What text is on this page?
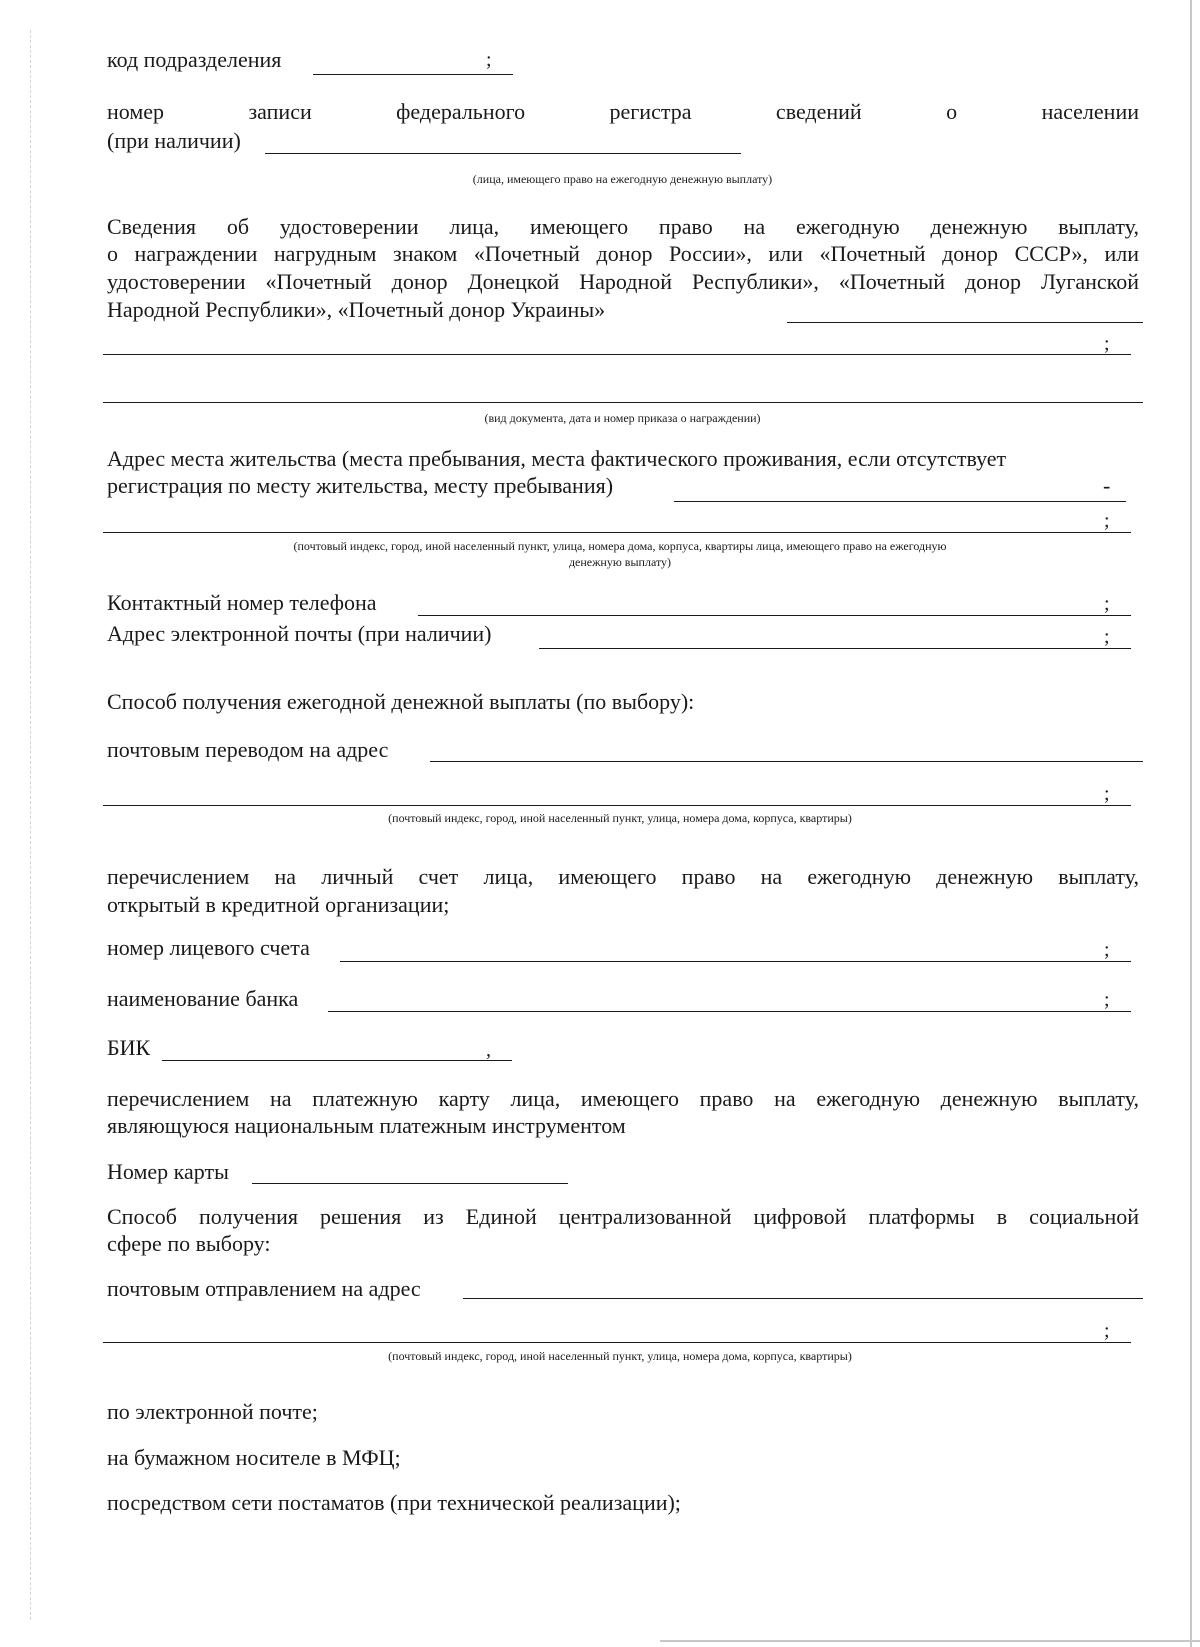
код подразделения	;
номер записи федерального регистра сведений о населении
(при наличии)
(лица, имеющего право на ежегодную денежную выплату)
Сведения об удостоверении лица, имеющего право на ежегодную денежную выплату,
о награждении нагрудным знаком «Почетный донор России», или «Почетный донор СССР», или
удостоверении «Почетный донор Донецкой Народной Республики», «Почетный донор Луганской
Народной Республики», «Почетный донор Украины»
;
(вид документа, дата и номер приказа о награждении)
Адрес места жительства (места пребывания, места фактического проживания, если отсутствует
регистрация по месту жительства, месту пребывания)	-
;
(почтовый индекс, город, иной населенный пункт, улица, номера дома, корпуса, квартиры лица, имеющего право на ежегодную
денежную выплату)
Контактный номер телефона	;
Адрес электронной почты (при наличии)	;
Способ получения ежегодной денежной выплаты (по выбору):
почтовым переводом на адрес
;
(почтовый индекс, город, иной населенный пункт, улица, номера дома, корпуса, квартиры)
перечислением на личный счет лица, имеющего право на ежегодную денежную выплату,
открытый в кредитной организации;
номер лицевого счета	;
наименование банка	;
БИК	,
перечислением на платежную карту лица, имеющего право на ежегодную денежную выплату,
являющуюся национальным платежным инструментом
Номер карты
Способ получения решения из Единой централизованной цифровой платформы в социальной
сфере по выбору:
почтовым отправлением на адрес
;
(почтовый индекс, город, иной населенный пункт, улица, номера дома, корпуса, квартиры)
по электронной почте;
на бумажном носителе в МФЦ;
посредством сети постаматов (при технической реализации);
